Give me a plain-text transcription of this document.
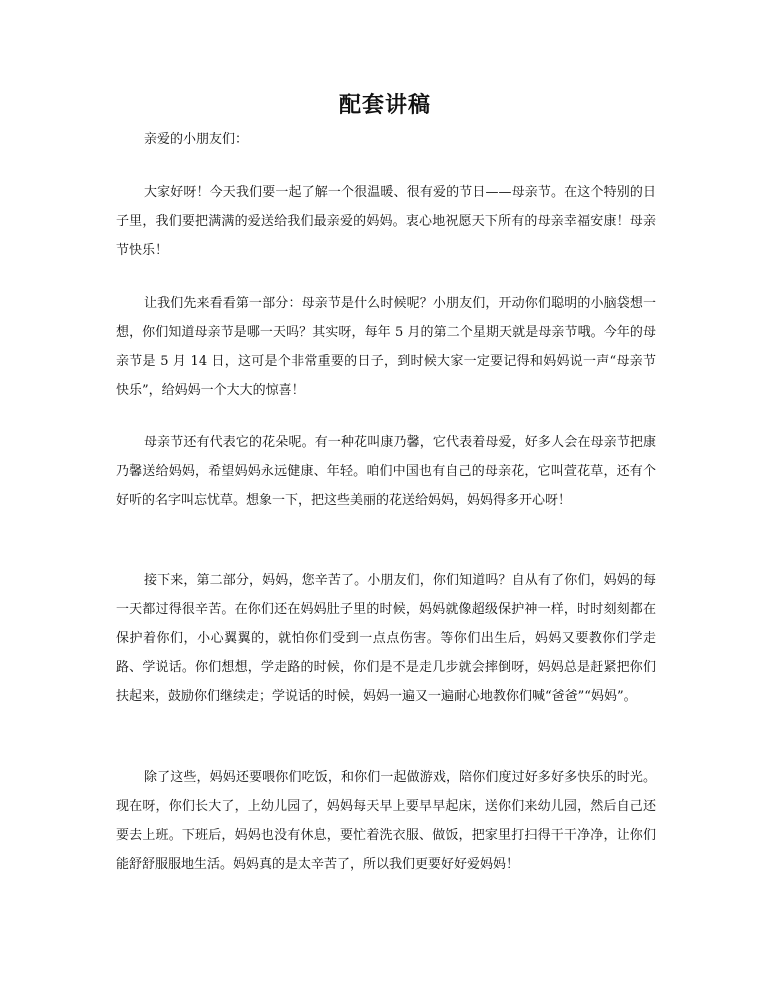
配套讲稿

亲爱的小朋友们：

大家好呀！今天我们要一起了解一个很温暖、很有爱的节日——母亲节。在这个特别的日子里，我们要把满满的爱送给我们最亲爱的妈妈。衷心地祝愿天下所有的母亲幸福安康！母亲节快乐！

让我们先来看看第一部分：母亲节是什么时候呢？小朋友们，开动你们聪明的小脑袋想一想，你们知道母亲节是哪一天吗？其实呀，每年 5 月的第二个星期天就是母亲节哦。今年的母亲节是 5 月 14 日，这可是个非常重要的日子，到时候大家一定要记得和妈妈说一声“母亲节快乐”，给妈妈一个大大的惊喜！

母亲节还有代表它的花朵呢。有一种花叫康乃馨，它代表着母爱，好多人会在母亲节把康乃馨送给妈妈，希望妈妈永远健康、年轻。咱们中国也有自己的母亲花，它叫萱花草，还有个好听的名字叫忘忧草。想象一下，把这些美丽的花送给妈妈，妈妈得多开心呀！

接下来，第二部分，妈妈，您辛苦了。小朋友们，你们知道吗？自从有了你们，妈妈的每一天都过得很辛苦。在你们还在妈妈肚子里的时候，妈妈就像超级保护神一样，时时刻刻都在保护着你们，小心翼翼的，就怕你们受到一点点伤害。等你们出生后，妈妈又要教你们学走路、学说话。你们想想，学走路的时候，你们是不是走几步就会摔倒呀，妈妈总是赶紧把你们扶起来，鼓励你们继续走；学说话的时候，妈妈一遍又一遍耐心地教你们喊“爸爸”“妈妈”。

除了这些，妈妈还要喂你们吃饭，和你们一起做游戏，陪你们度过好多好多快乐的时光。现在呀，你们长大了，上幼儿园了，妈妈每天早上要早早起床，送你们来幼儿园，然后自己还要去上班。下班后，妈妈也没有休息，要忙着洗衣服、做饭，把家里打扫得干干净净，让你们能舒舒服服地生活。妈妈真的是太辛苦了，所以我们更要好好爱妈妈！
